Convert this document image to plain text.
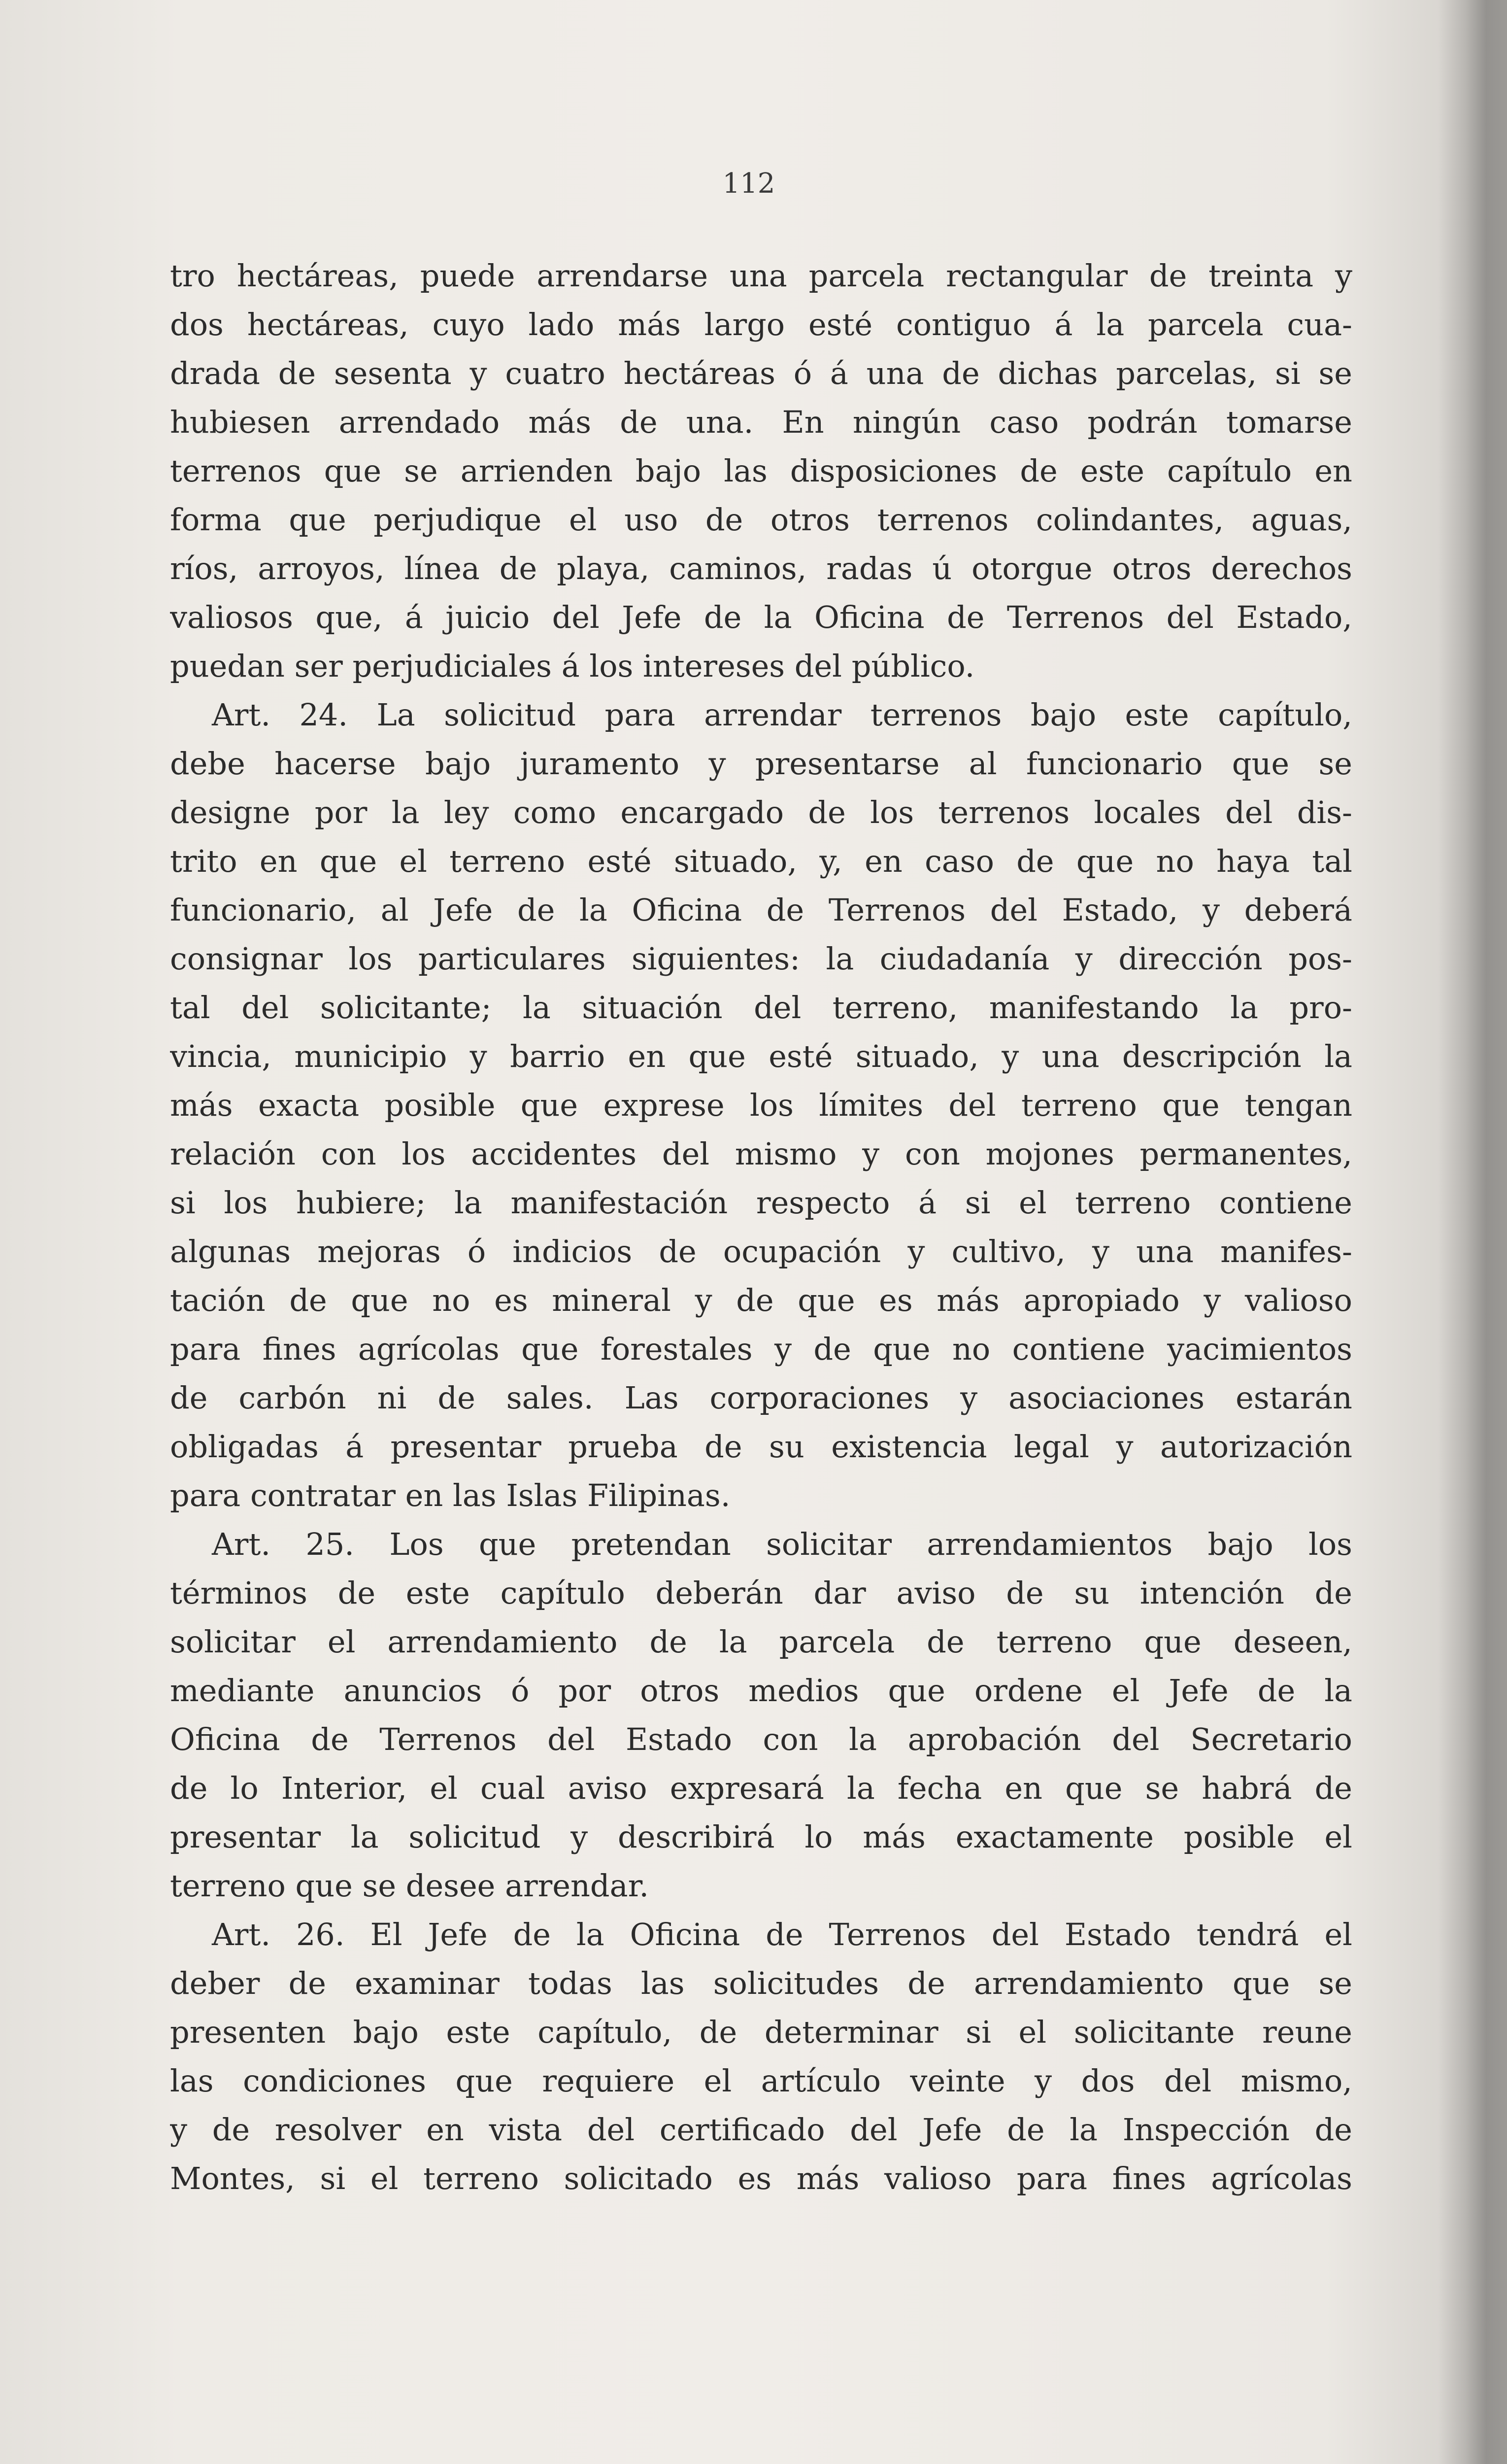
112
tro hectáreas, puede arrendarse una parcela rectangular de treinta y
dos hectáreas, cuyo lado más largo esté contiguo á la parcela cua-
drada de sesenta y cuatro hectáreas ó á una de dichas parcelas, si se
hubiesen arrendado más de una. En ningún caso podrán tomarse
terrenos que se arrienden bajo las disposiciones de este capítulo en
forma que perjudique el uso de otros terrenos colindantes, aguas,
ríos, arroyos, línea de playa, caminos, radas ú otorgue otros derechos
valiosos que, á juicio del Jefe de la Oficina de Terrenos del Estado,
puedan ser perjudiciales á los intereses del público.
Art. 24. La solicitud para arrendar terrenos bajo este capítulo,
debe hacerse bajo juramento y presentarse al funcionario que se
designe por la ley como encargado de los terrenos locales del dis-
trito en que el terreno esté situado, y, en caso de que no haya tal
funcionario, al Jefe de la Oficina de Terrenos del Estado, y deberá
consignar los particulares siguientes: la ciudadanía y dirección pos-
tal del solicitante; la situación del terreno, manifestando la pro-
vincia, municipio y barrio en que esté situado, y una descripción la
más exacta posible que exprese los límites del terreno que tengan
relación con los accidentes del mismo y con mojones permanentes,
si los hubiere; la manifestación respecto á si el terreno contiene
algunas mejoras ó indicios de ocupación y cultivo, y una manifes-
tación de que no es mineral y de que es más apropiado y valioso
para fines agrícolas que forestales y de que no contiene yacimientos
de carbón ni de sales. Las corporaciones y asociaciones estarán
obligadas á presentar prueba de su existencia legal y autorización
para contratar en las Islas Filipinas.
Art. 25. Los que pretendan solicitar arrendamientos bajo los
términos de este capítulo deberán dar aviso de su intención de
solicitar el arrendamiento de la parcela de terreno que deseen,
mediante anuncios ó por otros medios que ordene el Jefe de la
Oficina de Terrenos del Estado con la aprobación del Secretario
de lo Interior, el cual aviso expresará la fecha en que se habrá de
presentar la solicitud y describirá lo más exactamente posible el
terreno que se desee arrendar.
Art. 26. El Jefe de la Oficina de Terrenos del Estado tendrá el
deber de examinar todas las solicitudes de arrendamiento que se
presenten bajo este capítulo, de determinar si el solicitante reune
las condiciones que requiere el artículo veinte y dos del mismo,
y de resolver en vista del certificado del Jefe de la Inspección de
Montes, si el terreno solicitado es más valioso para fines agrícolas
